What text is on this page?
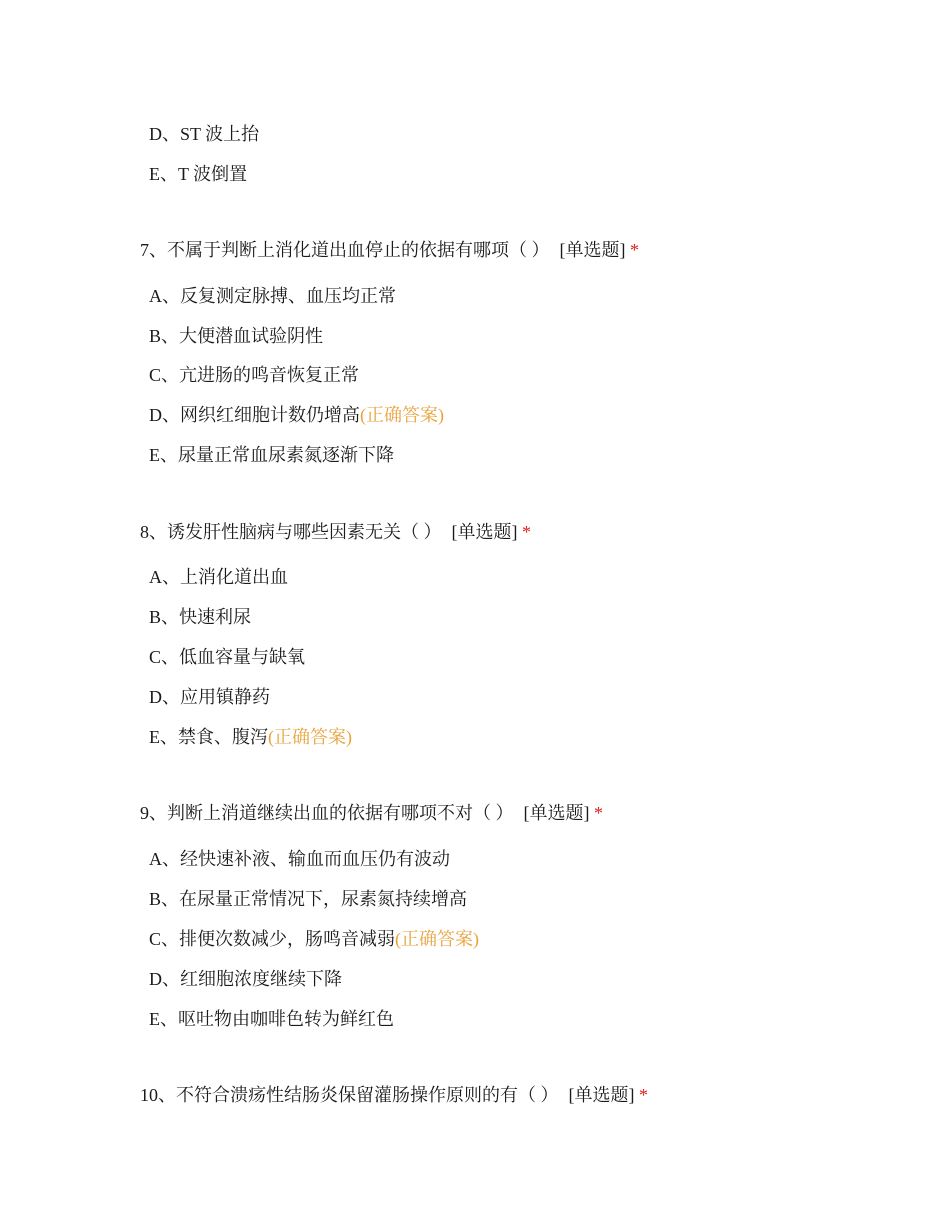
D、ST 波上抬
E、T 波倒置
7、不属于判断上消化道出血停止的依据有哪项（ ） [单选题] *
A、反复测定脉搏、血压均正常
B、大便潜血试验阴性
C、亢进肠的鸣音恢复正常
D、网织红细胞计数仍增高(正确答案)
E、尿量正常血尿素氮逐渐下降
8、诱发肝性脑病与哪些因素无关（ ） [单选题] *
A、上消化道出血
B、快速利尿
C、低血容量与缺氧
D、应用镇静药
E、禁食、腹泻(正确答案)
9、判断上消道继续出血的依据有哪项不对（ ） [单选题] *
A、经快速补液、输血而血压仍有波动
B、在尿量正常情况下，尿素氮持续增高
C、排便次数减少，肠鸣音减弱(正确答案)
D、红细胞浓度继续下降
E、呕吐物由咖啡色转为鲜红色
10、不符合溃疡性结肠炎保留灌肠操作原则的有（ ） [单选题] *
